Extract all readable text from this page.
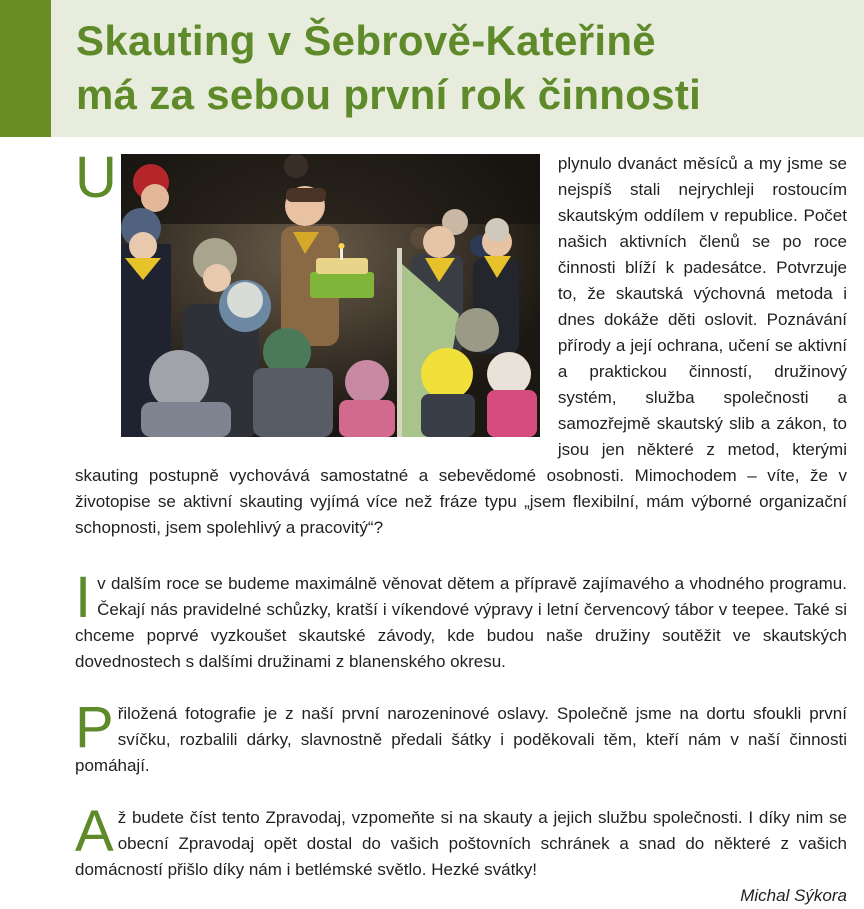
Skauting v Šebrově-Kateřině
má za sebou první rok činnosti

U	plynulo dvanáct měsíců a my jsme se nejspíš stali nejrychleji rostoucím skautským oddílem v republice. Počet našich aktivních členů se po roce činnosti blíží k padesátce. Potvrzuje to, že skautská výchovná metoda i dnes dokáže děti oslovit. Poznávání přírody a její ochrana, učení se aktivní a praktickou činností, družinový systém, služba společnosti a samozřejmě skautský slib a zákon, to jsou jen některé z metod, kterými skauting postupně vychovává samostatné a sebevědomé osobnosti. Mimochodem – víte, že v životopise se aktivní skauting vyjímá více než fráze typu „jsem flexibilní, mám výborné organizační schopnosti, jsem spolehlivý a pracovitý“?

Iv dalším roce se budeme maximálně věnovat dětem a přípravě zajímavého a vhodného programu. Čekají nás pravidelné schůzky, kratší i víkendové výpravy i letní červencový tábor v teepee. Také si chceme poprvé vyzkoušet skautské závody, kde budou naše družiny soutěžit ve skautských dovednostech s dalšími družinami z blanenského okresu.

Přiložená fotografie je z naší první narozeninové oslavy. Společně jsme na dortu sfoukli první svíčku, rozbalili dárky, slavnostně předali šátky i poděkovali těm, kteří nám v naší činnosti pomáhají.

Až budete číst tento Zpravodaj, vzpomeňte si na skauty a jejich službu společnosti. I díky nim se obecní Zpravodaj opět dostal do vašich poštovních schránek a snad do některé z vašich domácností přišlo díky nám i betlémské světlo. Hezké svátky!

Michal Sýkora
